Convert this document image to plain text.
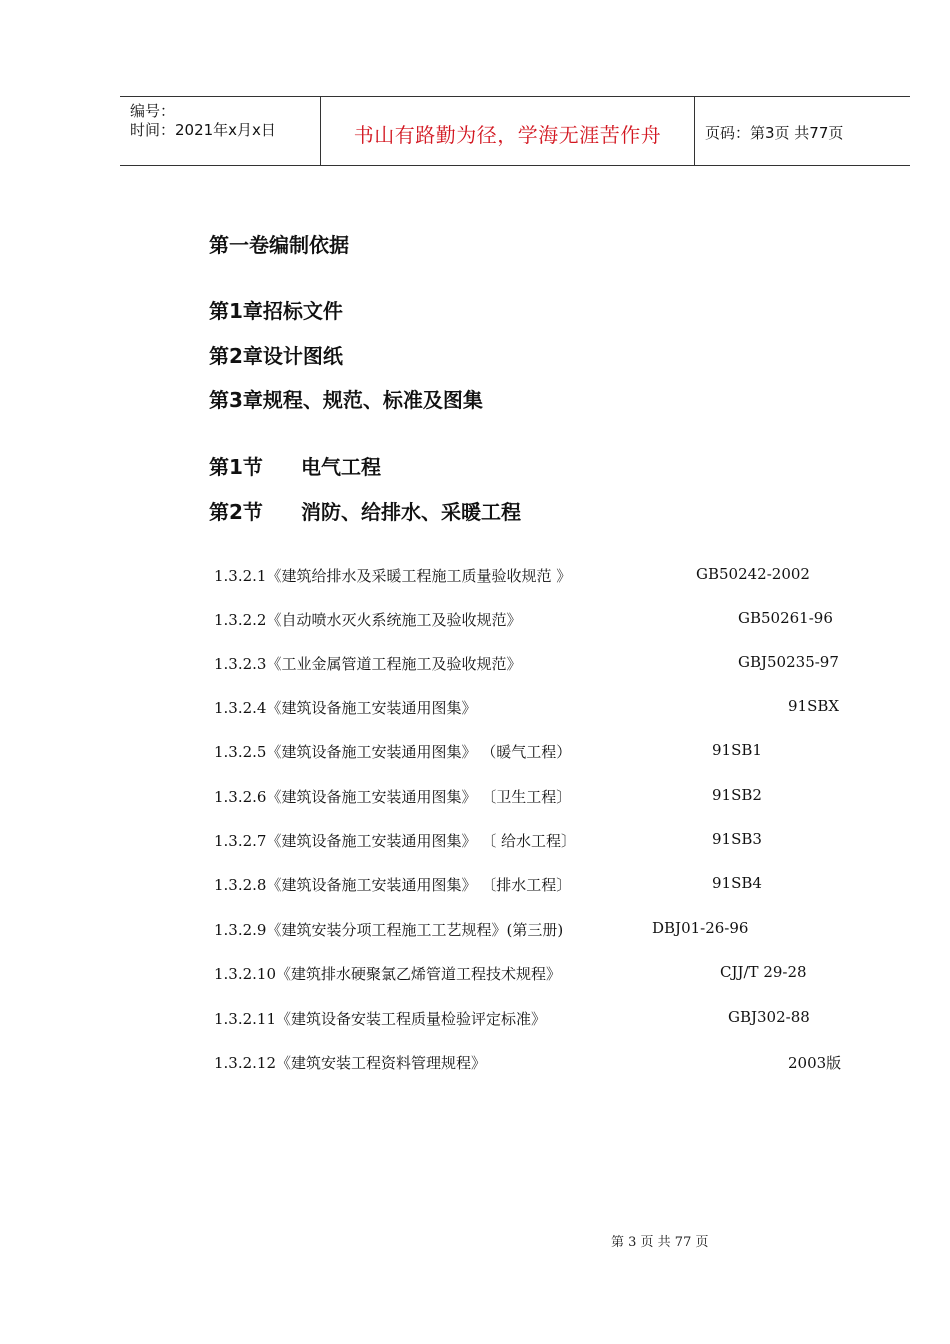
编号：
时间：2021年x月x日	书山有路勤为径，学海无涯苦作舟	页码：第3页 共77页
第一卷编制依据
第1章招标文件
第2章设计图纸
第3章规程、规范、标准及图集
第1节 电气工程
第2节 消防、给排水、采暖工程
1.3.2.1《建筑给排水及采暖工程施工质量验收规范 》	GB50242-2002
1.3.2.2《自动喷水灭火系统施工及验收规范》	GB50261-96
1.3.2.3《工业金属管道工程施工及验收规范》	GBJ50235-97
1.3.2.4《建筑设备施工安装通用图集》	91SBX
1.3.2.5《建筑设备施工安装通用图集》 （暖气工程）	91SB1
1.3.2.6《建筑设备施工安装通用图集》 〔卫生工程〕	91SB2
1.3.2.7《建筑设备施工安装通用图集》 〔 给水工程〕	91SB3
1.3.2.8《建筑设备施工安装通用图集》 〔排水工程〕	91SB4
1.3.2.9《建筑安装分项工程施工工艺规程》(第三册)	DBJ01-26-96
1.3.2.10《建筑排水硬聚氯乙烯管道工程技术规程》	CJJ/T 29-28
1.3.2.11《建筑设备安装工程质量检验评定标准》	GBJ302-88
1.3.2.12《建筑安装工程资料管理规程》	2003版
第 3 页 共 77 页
